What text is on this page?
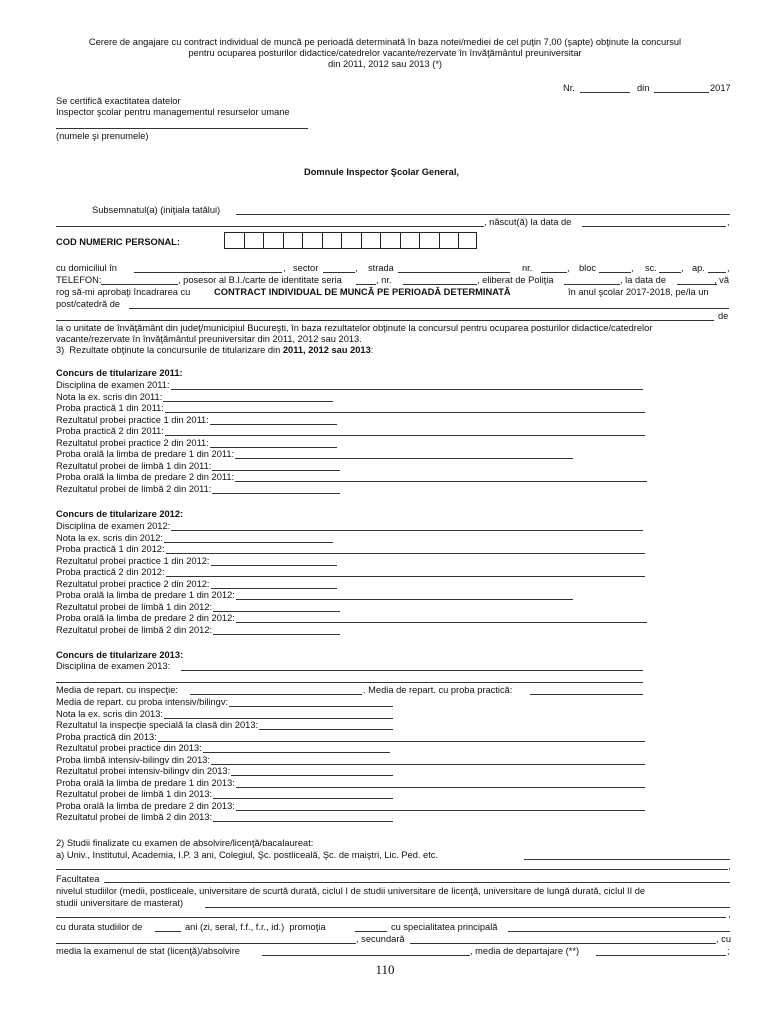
Cerere de angajare cu contract individual de muncă pe perioadă determinată în baza notei/mediei de cel puţin 7,00 (şapte) obţinute la concursul
pentru ocuparea posturilor didactice/catedrelor vacante/rezervate în învăţământul preuniversitar
din 2011, 2012 sau 2013 (*)
Nr.	din	2017
Se certifică exactitatea datelor
Inspector şcolar pentru managementul resurselor umane
(numele şi prenumele)
Domnule Inspector Şcolar General,
Subsemnatul(a) (iniţiala tatălui)
, născut(ă) la data de	,
COD NUMERIC PERSONAL:
cu domiciliul în	, sector	, strada	nr.	, bloc	, sc.	, ap. ,
TELEFON:	, posesor al B.I./carte de identitate seria	, nr.	, eliberat de Poliţia	, la data de	, vă
rog să-mi aprobaţi încadrarea cu	CONTRACT INDIVIDUAL DE MUNCĂ PE PERIOADĂ DETERMINATĂ	în anul şcolar 2017-2018, pe/la un
post/catedră de
de
la o unitate de învăţământ din judeţ/municipiul Bucureşti, în baza rezultatelor obţinute la concursul pentru ocuparea posturilor didactice/catedrelor
vacante/rezervate în învăţământul preuniversitar din 2011, 2012 sau 2013.
3)  Rezultate obţinute la concursurile de titularizare din 2011, 2012 sau 2013:
Concurs de titularizare 2011:
Disciplina de examen 2011:
Nota la ex. scris din 2011:
Proba practică 1 din 2011:
Rezultatul probei practice 1 din 2011:
Proba practică 2 din 2011:
Rezultatul probei practice 2 din 2011:
Proba orală la limba de predare 1 din 2011:
Rezultatul probei de limbă 1 din 2011:
Proba orală la limba de predare 2 din 2011:
Rezultatul probei de limbă 2 din 2011:
Concurs de titularizare 2012:
Disciplina de examen 2012:
Nota la ex. scris din 2012:
Proba practică 1 din 2012:
Rezultatul probei practice 1 din 2012:
Proba practică 2 din 2012:
Rezultatul probei practice 2 din 2012:
Proba orală la limba de predare 1 din 2012:
Rezultatul probei de limbă 1 din 2012:
Proba orală la limba de predare 2 din 2012:
Rezultatul probei de limbă 2 din 2012:
Concurs de titularizare 2013:
Disciplina de examen 2013:
Media de repart. cu inspecţie:	. Media de repart. cu proba practică:
Media de repart. cu proba intensiv/bilingv:
Nota la ex. scris din 2013:
Rezultatul la inspecţie specială la clasă din 2013:
Proba practică din 2013:
Rezultatul probei practice din 2013:
Proba limbă intensiv-bilingv din 2013:
Rezultatul probei intensiv-bilingv din 2013:
Proba orală la limba de predare 1 din 2013:
Rezultatul probei de limbă 1 din 2013:
Proba orală la limba de predare 2 din 2013:
Rezultatul probei de limbă 2 din 2013:
2) Studii finalizate cu examen de absolvire/licenţă/bacalaureat:
a) Univ., Institutul, Academia, I.P. 3 ani, Colegiul, Şc. postliceală, Şc. de maiştri, Lic. Ped. etc.
,
Facultatea
nivelul studiilor (medii, postliceale, universitare de scurtă durată, ciclul I de studii universitare de licenţă, universitare de lungă durată, ciclul II de
studii universitare de masterat)
,
cu durata studiilor de	ani (zi, seral, f.f., f.r., id.)  promoţia	cu specialitatea principală
, secundară	, cu
media la examenul de stat (licenţă)/absolvire	, media de departajare (**)	;
110
